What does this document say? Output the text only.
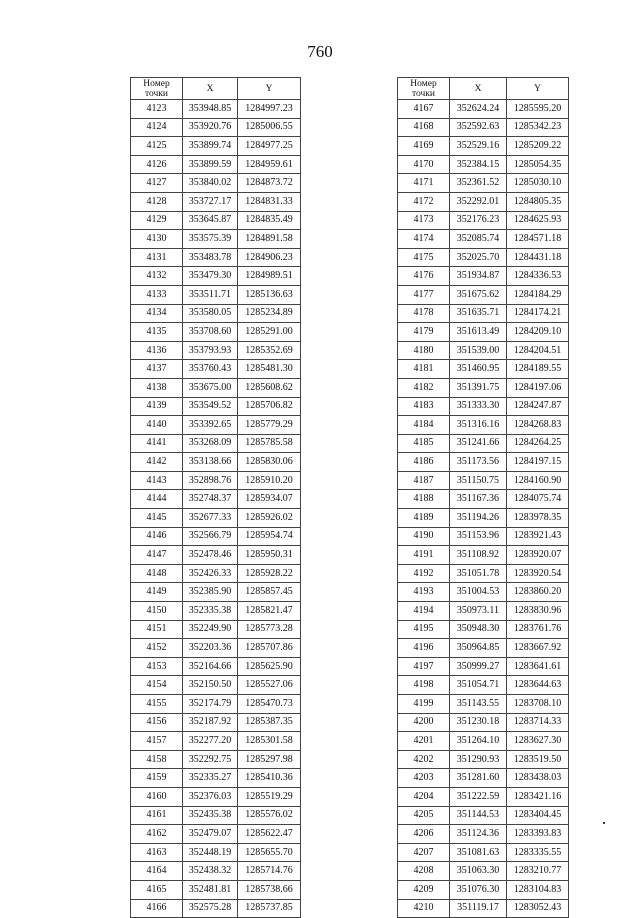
760
Номер
точки	X	Y
4123	353948.85	1284997.23
4124	353920.76	1285006.55
4125	353899.74	1284977.25
4126	353899.59	1284959.61
4127	353840.02	1284873.72
4128	353727.17	1284831.33
4129	353645.87	1284835.49
4130	353575.39	1284891.58
4131	353483.78	1284906.23
4132	353479.30	1284989.51
4133	353511.71	1285136.63
4134	353580.05	1285234.89
4135	353708.60	1285291.00
4136	353793.93	1285352.69
4137	353760.43	1285481.30
4138	353675.00	1285608.62
4139	353549.52	1285706.82
4140	353392.65	1285779.29
4141	353268.09	1285785.58
4142	353138.66	1285830.06
4143	352898.76	1285910.20
4144	352748.37	1285934.07
4145	352677.33	1285926.02
4146	352566.79	1285954.74
4147	352478.46	1285950.31
4148	352426.33	1285928.22
4149	352385.90	1285857.45
4150	352335.38	1285821.47
4151	352249.90	1285773.28
4152	352203.36	1285707.86
4153	352164.66	1285625.90
4154	352150.50	1285527.06
4155	352174.79	1285470.73
4156	352187.92	1285387.35
4157	352277.20	1285301.58
4158	352292.75	1285297.98
4159	352335.27	1285410.36
4160	352376.03	1285519.29
4161	352435.38	1285576.02
4162	352479.07	1285622.47
4163	352448.19	1285655.70
4164	352438.32	1285714.76
4165	352481.81	1285738.66
4166	352575.28	1285737.85
Номер
точки	X	Y
4167	352624.24	1285595.20
4168	352592.63	1285342.23
4169	352529.16	1285209.22
4170	352384.15	1285054.35
4171	352361.52	1285030.10
4172	352292.01	1284805.35
4173	352176.23	1284625.93
4174	352085.74	1284571.18
4175	352025.70	1284431.18
4176	351934.87	1284336.53
4177	351675.62	1284184.29
4178	351635.71	1284174.21
4179	351613.49	1284209.10
4180	351539.00	1284204.51
4181	351460.95	1284189.55
4182	351391.75	1284197.06
4183	351333.30	1284247.87
4184	351316.16	1284268.83
4185	351241.66	1284264.25
4186	351173.56	1284197.15
4187	351150.75	1284160.90
4188	351167.36	1284075.74
4189	351194.26	1283978.35
4190	351153.96	1283921.43
4191	351108.92	1283920.07
4192	351051.78	1283920.54
4193	351004.53	1283860.20
4194	350973.11	1283830.96
4195	350948.30	1283761.76
4196	350964.85	1283667.92
4197	350999.27	1283641.61
4198	351054.71	1283644.63
4199	351143.55	1283708.10
4200	351230.18	1283714.33
4201	351264.10	1283627.30
4202	351290.93	1283519.50
4203	351281.60	1283438.03
4204	351222.59	1283421.16
4205	351144.53	1283404.45
4206	351124.36	1283393.83
4207	351081.63	1283335.55
4208	351063.30	1283210.77
4209	351076.30	1283104.83
4210	351119.17	1283052.43
